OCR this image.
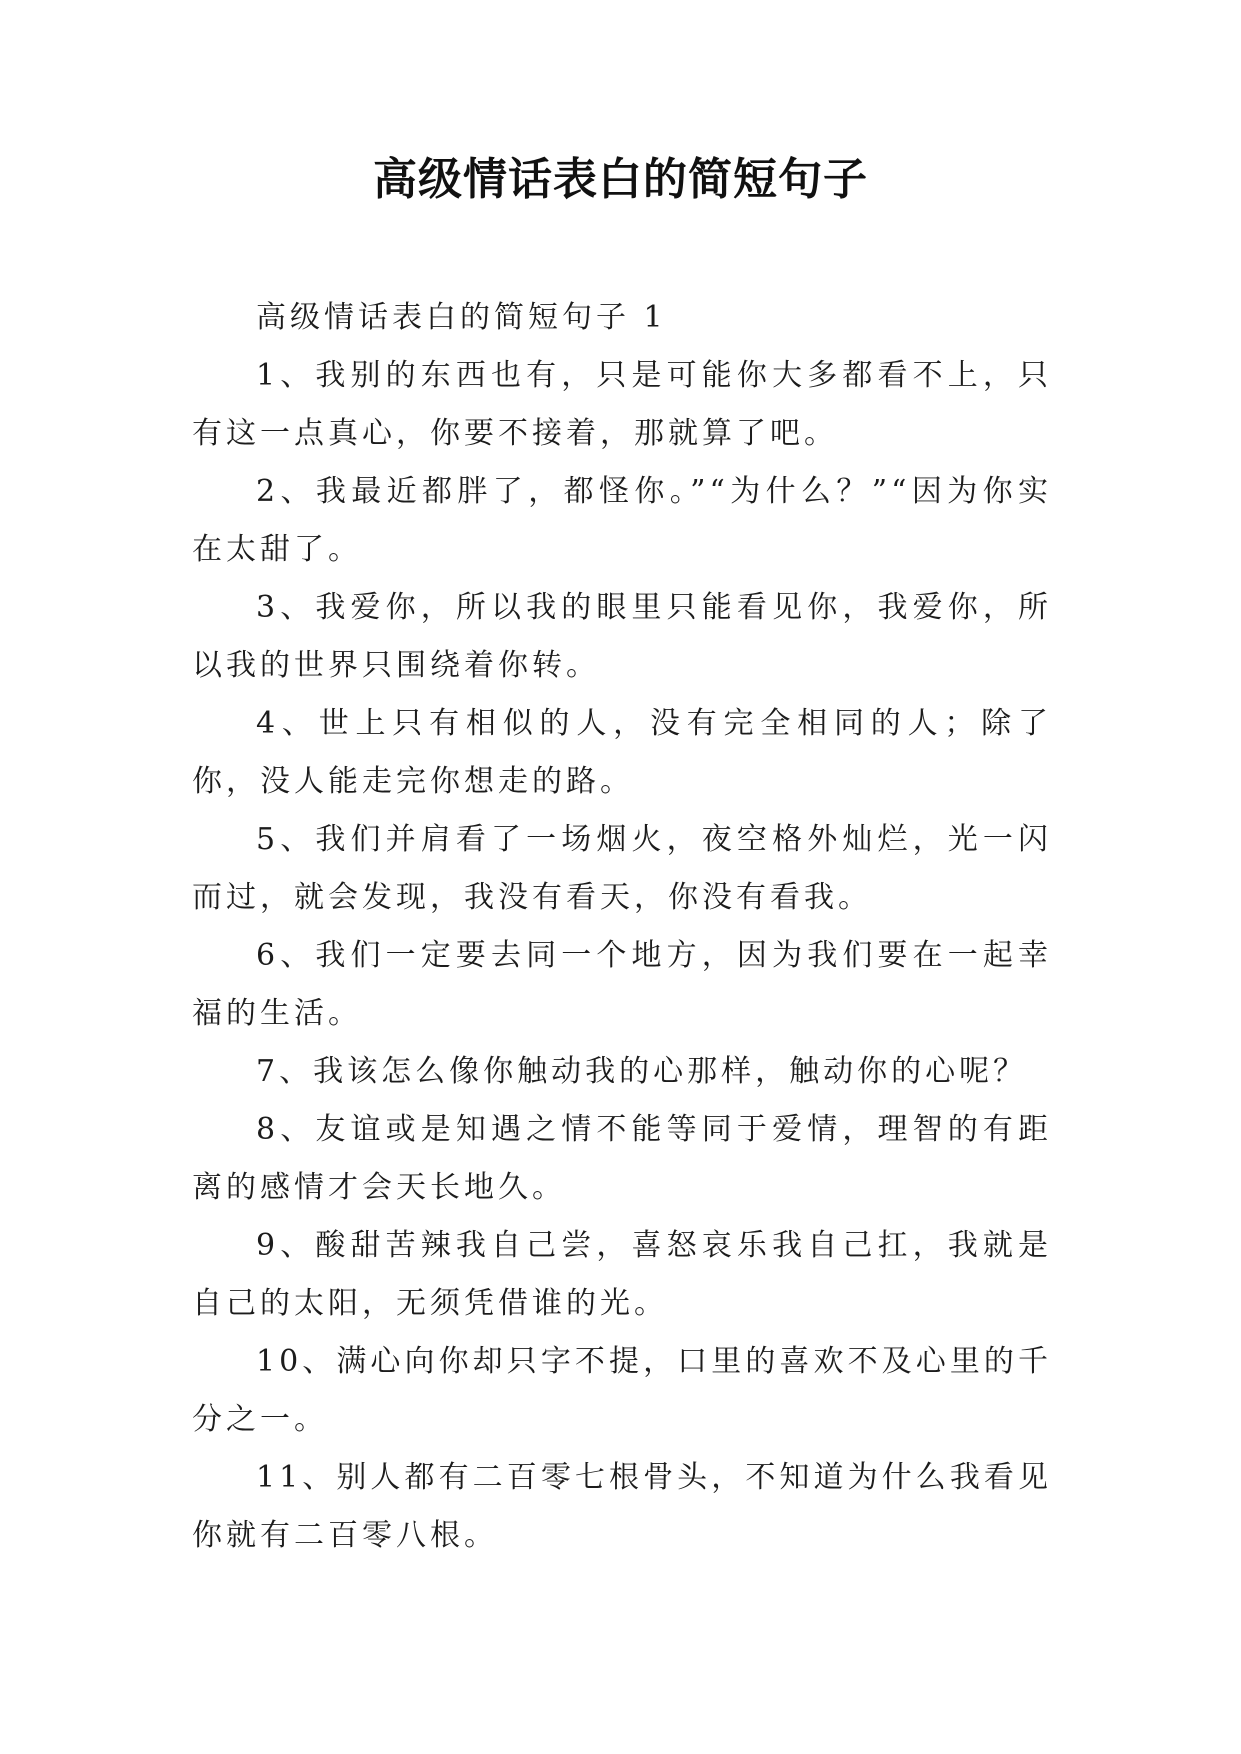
高级情话表白的简短句子

高级情话表白的简短句子 1

1、我别的东西也有，只是可能你大多都看不上，只有这一点真心，你要不接着，那就算了吧。

2、我最近都胖了，都怪你。”“为什么？”“因为你实在太甜了。

3、我爱你，所以我的眼里只能看见你，我爱你，所以我的世界只围绕着你转。

4、世上只有相似的人，没有完全相同的人；除了你，没人能走完你想走的路。

5、我们并肩看了一场烟火，夜空格外灿烂，光一闪而过，就会发现，我没有看天，你没有看我。

6、我们一定要去同一个地方，因为我们要在一起幸福的生活。

7、我该怎么像你触动我的心那样，触动你的心呢？

8、友谊或是知遇之情不能等同于爱情，理智的有距离的感情才会天长地久。

9、酸甜苦辣我自己尝，喜怒哀乐我自己扛，我就是自己的太阳，无须凭借谁的光。

10、满心向你却只字不提，口里的喜欢不及心里的千分之一。

11、别人都有二百零七根骨头，不知道为什么我看见你就有二百零八根。
